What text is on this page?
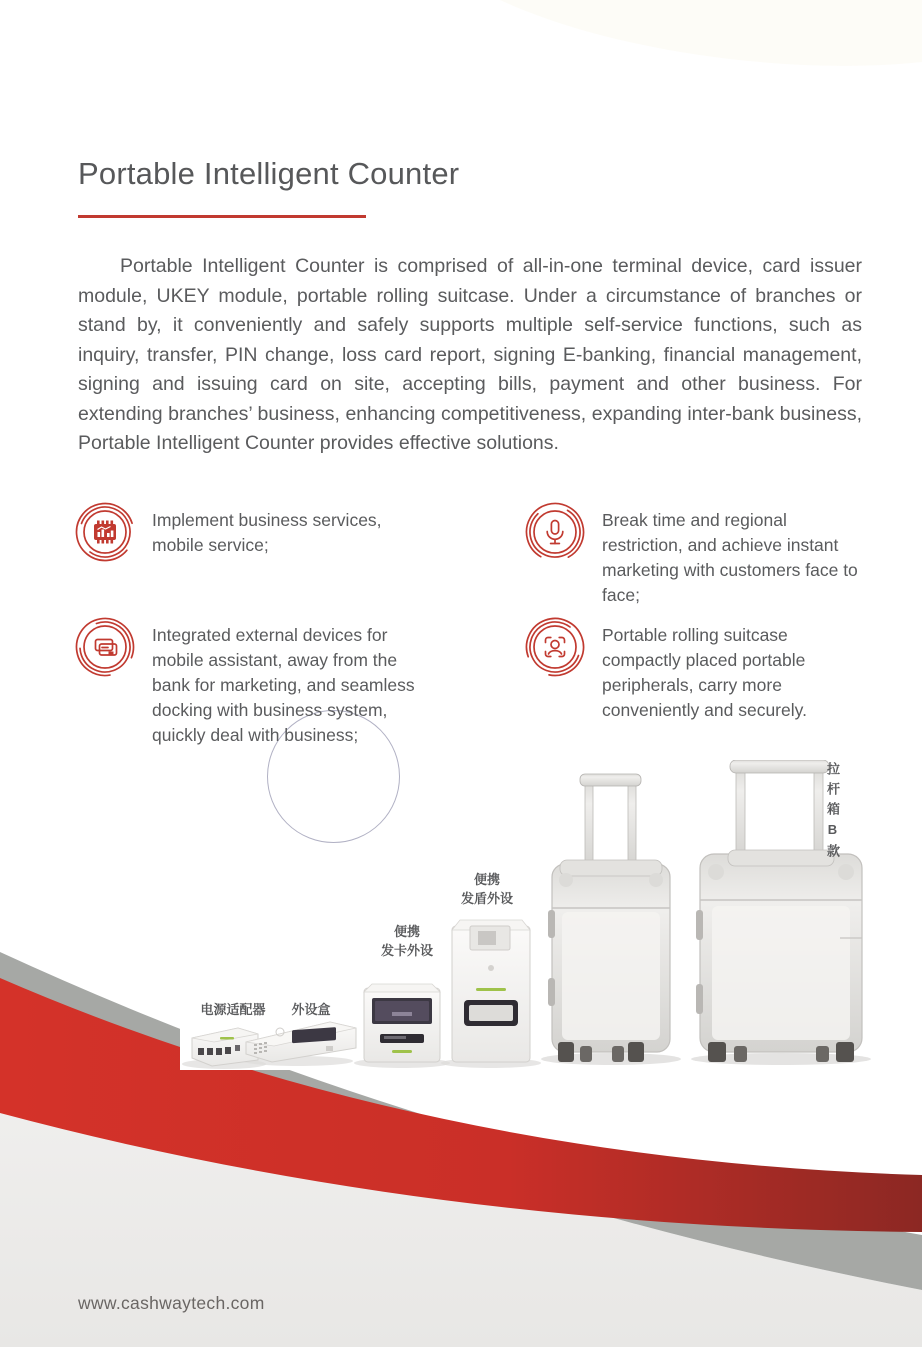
Portable Intelligent Counter
Portable Intelligent Counter is comprised of all-in-one terminal device, card issuer module, UKEY module, portable rolling suitcase. Under a circumstance of branches or stand by, it conveniently and safely supports multiple self-service functions, such as inquiry, transfer, PIN change, loss card report, signing E-banking, financial management, signing and issuing card on site, accepting bills, payment and other business. For extending branches’ business, enhancing competitiveness, expanding inter-bank business, Portable Intelligent Counter provides effective solutions.
Implement business services, mobile service;
Break time and regional restriction, and achieve instant marketing with customers face to face;
Integrated external devices for mobile assistant, away from the bank for marketing, and seamless docking with business system, quickly deal with business;
Portable rolling suitcase compactly placed portable peripherals, carry more conveniently and securely.
电源适配器	外设盒
便携
发卡外设
便携
发盾外设
拉杆箱B款
www.cashwaytech.com
